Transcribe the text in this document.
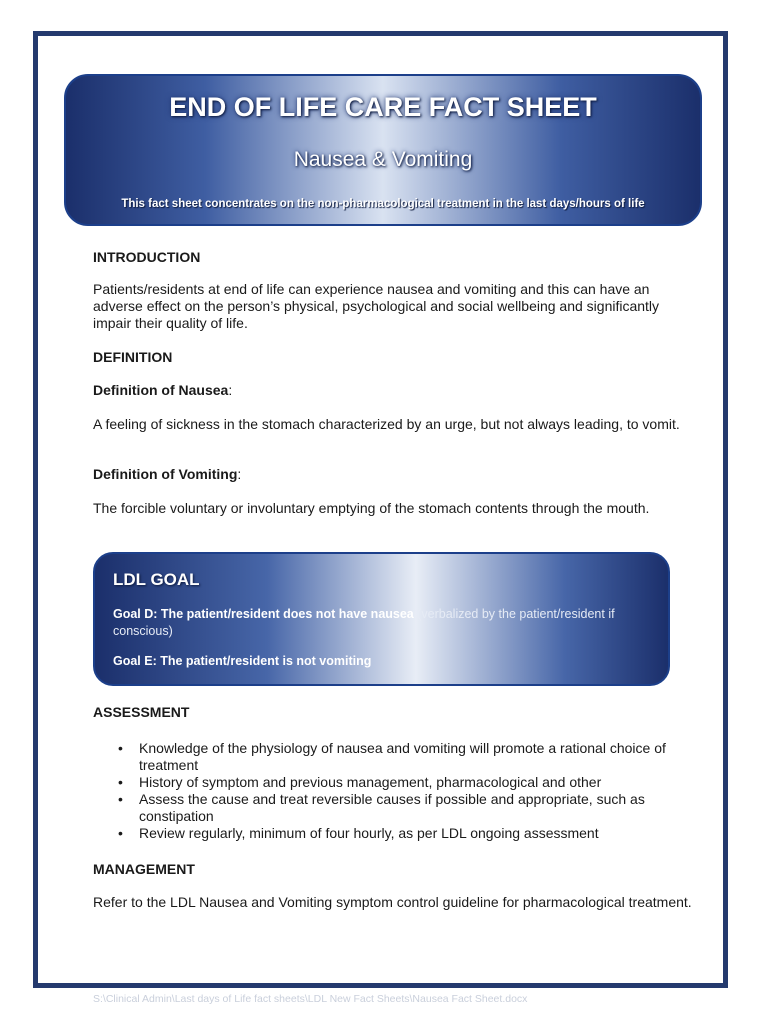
END OF LIFE CARE FACT SHEET
Nausea & Vomiting
This fact sheet concentrates on the non-pharmacological treatment in the last days/hours of life
INTRODUCTION
Patients/residents at end of life can experience nausea and vomiting and this can have an adverse effect on the person’s physical, psychological and social wellbeing and significantly impair their quality of life.
DEFINITION
Definition of Nausea:
A feeling of sickness in the stomach characterized by an urge, but not always leading, to vomit.
Definition of Vomiting:
The forcible voluntary or involuntary emptying of the stomach contents through the mouth.
LDL GOAL
Goal D: The patient/resident does not have nausea (verbalized by the patient/resident if conscious)
Goal E: The patient/resident is not vomiting
ASSESSMENT
• Knowledge of the physiology of nausea and vomiting will promote a rational choice of treatment
• History of symptom and previous management, pharmacological and other
• Assess the cause and treat reversible causes if possible and appropriate, such as constipation
• Review regularly, minimum of four hourly, as per LDL ongoing assessment
MANAGEMENT
Refer to the LDL Nausea and Vomiting symptom control guideline for pharmacological treatment.
S:\Clinical Admin\Last days of Life fact sheets\LDL New Fact Sheets\Nausea Fact Sheet.docx
